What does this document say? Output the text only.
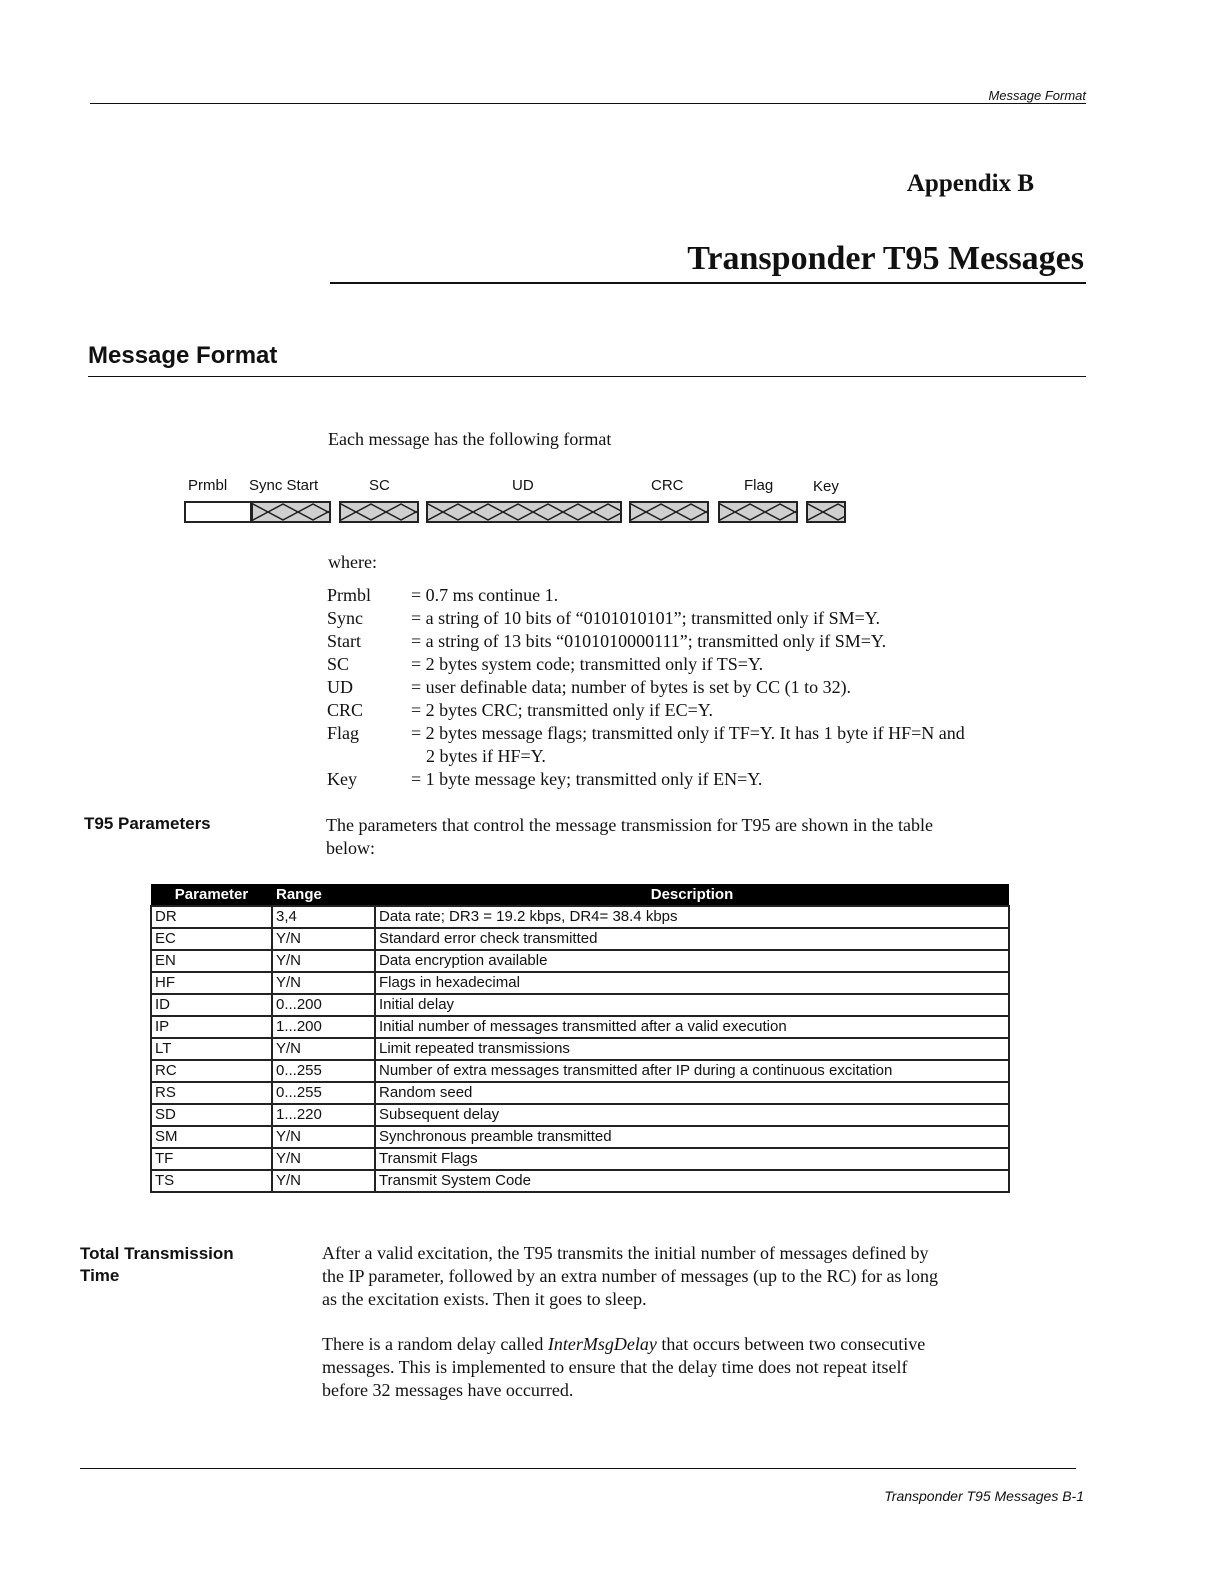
Message Format
Appendix B
Transponder T95 Messages
Message Format
Each message has the following format
Prmbl Sync Start	SC	UD	CRC	Flag	Key
where:
Prmbl	= 0.7 ms continue 1.
Sync	= a string of 10 bits of “0101010101”; transmitted only if SM=Y.
Start	= a string of 13 bits “0101010000111”; transmitted only if SM=Y.
SC	= 2 bytes system code; transmitted only if TS=Y.
UD	= user definable data; number of bytes is set by CC (1 to 32).
CRC	= 2 bytes CRC; transmitted only if EC=Y.
Flag	= 2 bytes message flags; transmitted only if TF=Y. It has 1 byte if HF=N and
2 bytes if HF=Y.
Key	= 1 byte message key; transmitted only if EN=Y.
T95 Parameters	The parameters that control the message transmission for T95 are shown in the table
below:
Parameter	Range	Description
DR	3,4	Data rate; DR3 = 19.2 kbps, DR4= 38.4 kbps
EC	Y/N	Standard error check transmitted
EN	Y/N	Data encryption available
HF	Y/N	Flags in hexadecimal
ID	0...200	Initial delay
IP	1...200	Initial number of messages transmitted after a valid execution
LT	Y/N	Limit repeated transmissions
RC	0...255	Number of extra messages transmitted after IP during a continuous excitation
RS	0...255	Random seed
SD	1...220	Subsequent delay
SM	Y/N	Synchronous preamble transmitted
TF	Y/N	Transmit Flags
TS	Y/N	Transmit System Code
Total Transmission
Time
After a valid excitation, the T95 transmits the initial number of messages defined by
the IP parameter, followed by an extra number of messages (up to the RC) for as long
as the excitation exists. Then it goes to sleep.
There is a random delay called InterMsgDelay that occurs between two consecutive
messages. This is implemented to ensure that the delay time does not repeat itself
before 32 messages have occurred.
Transponder T95 Messages B-1
